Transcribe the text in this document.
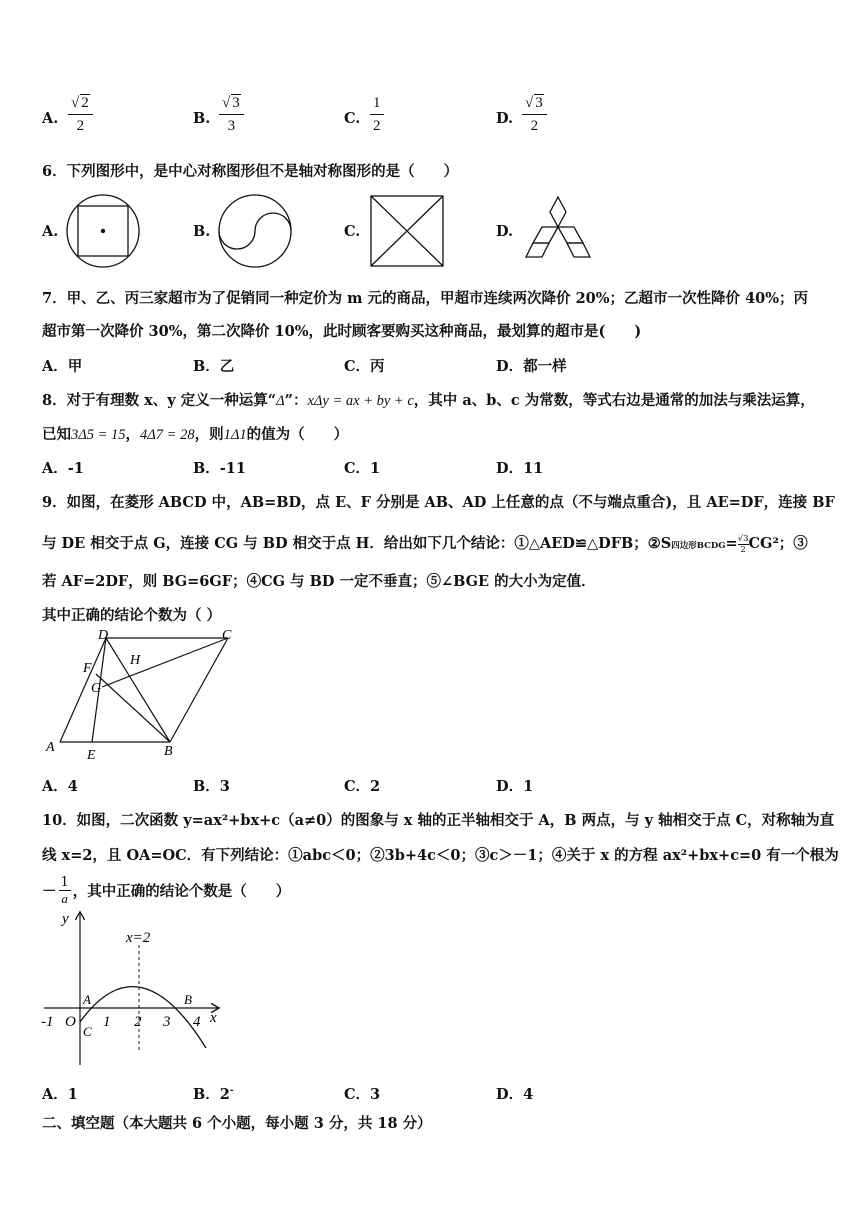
A. $\frac{√ 2}{2}$	B. $\frac{√ 3}{3}$	C. $\frac{1}{2}$	D. $\frac{√ 3}{2}$
6．下列图形中，是中心对称图形但不是轴对称图形的是（　　）
A.	B.	C.	D.
7．甲、乙、丙三家超市为了促销同一种定价为 m 元的商品，甲超市连续两次降价 20%；乙超市一次性降价 40%；丙
超市第一次降价 30%，第二次降价 10%，此时顾客要购买这种商品，最划算的超市是(　　)
A．甲	B．乙	C．丙	D．都一样
8．对于有理数 x、y 定义一种运算“Δ”：xΔy = ax + by + c，其中 a、b、c 为常数，等式右边是通常的加法与乘法运算，
已知3Δ5 = 15，4Δ7 = 28，则1Δ1的值为（　　）
A．-1	B．-11	C．1	D．11
9．如图，在菱形 ABCD 中，AB=BD，点 E、F 分别是 AB、AD 上任意的点（不与端点重合)，且 AE=DF，连接 BF
与 DE 相交于点 G，连接 CG 与 BD 相交于点 H．给出如下几个结论：①△AED≌△DFB；②S四边形BCDG= $\frac{√3}{2} CG^2$；③
若 AF=2DF，则 BG=6GF；④CG 与 BD 一定不垂直；⑤∠BGE 的大小为定值．
其中正确的结论个数为（ ）
D	C
F
H
G
A
E	B
A．4	B．3	C．2	D．1
10．如图，二次函数 y=ax²+bx+c（a≠0）的图象与 x 轴的正半轴相交于 A，B 两点，与 y 轴相交于点 C，对称轴为直
线 x=2，且 OA=OC．有下列结论：①abc＜0；②3b+4c＜0；③c＞－1；④关于 x 的方程 ax²+bx+c=0 有一个根为
－
1
a ，其中正确的结论个数是（　　）
y
x
x=2
-1 O 1 2 3 4
A	B
C
A．1	B．2-	C．3	D．4
二、填空题（本大题共 6 个小题，每小题 3 分，共 18 分）
